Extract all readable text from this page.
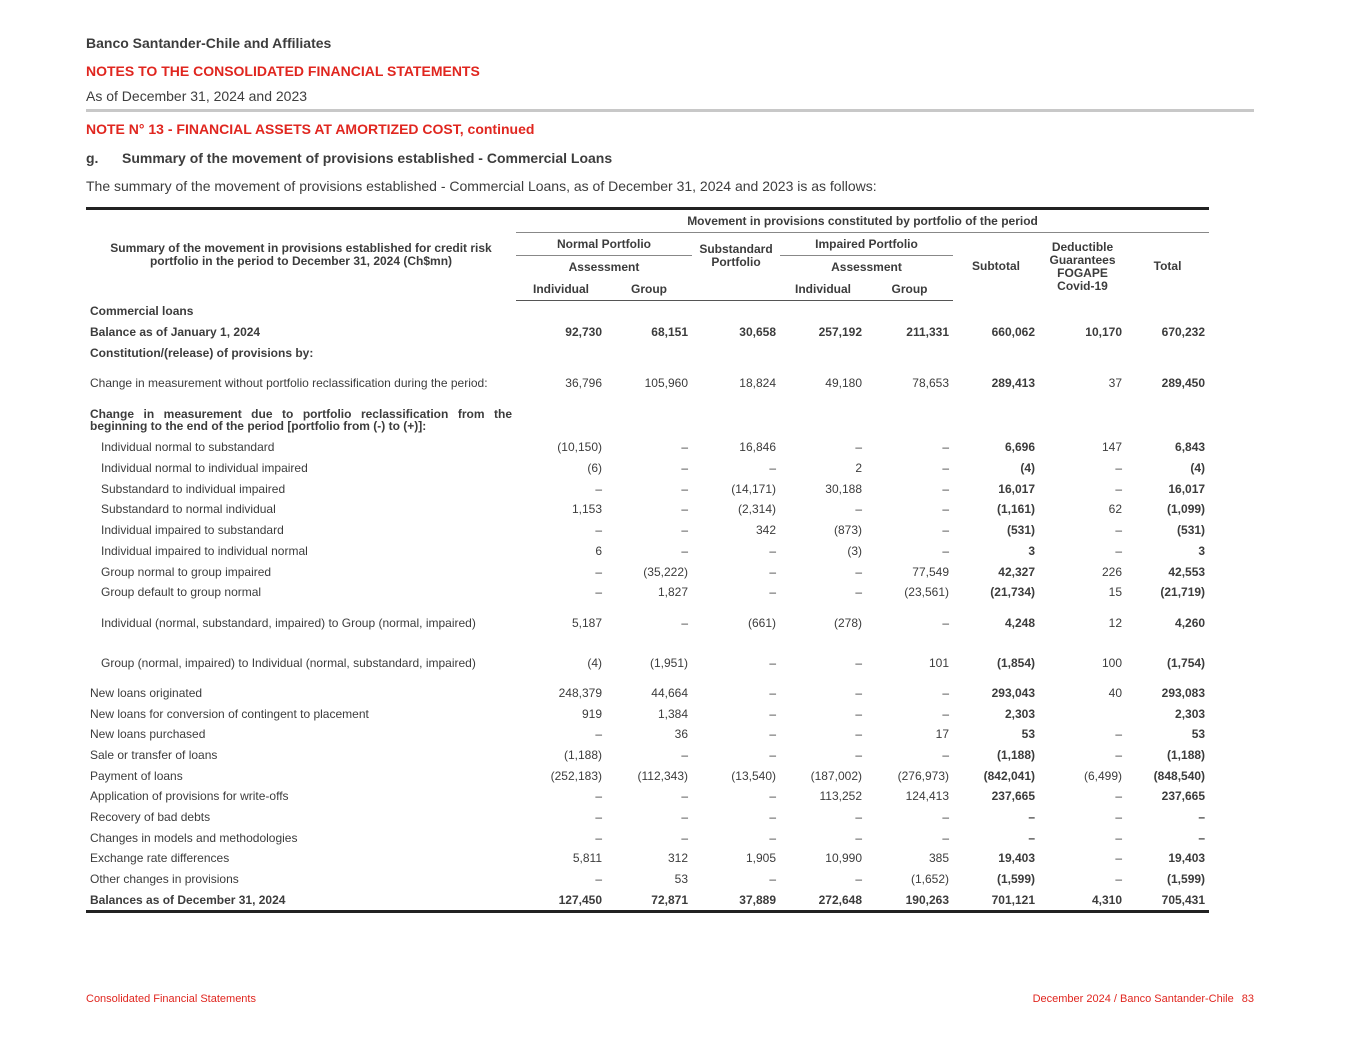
Banco Santander-Chile and Affiliates
NOTES TO THE CONSOLIDATED FINANCIAL STATEMENTS
As of December 31, 2024 and 2023
NOTE N° 13 - FINANCIAL ASSETS AT AMORTIZED COST, continued
g. Summary of the movement of provisions established - Commercial Loans
The summary of the movement of provisions established - Commercial Loans, as of December 31, 2024 and 2023 is as follows:
Summary of the movement in provisions established for credit risk portfolio in the period to December 31, 2024 (Ch$mn)	Movement in provisions constituted by portfolio of the period							
	Normal Portfolio		Substandard Portfolio	Impaired Portfolio		Subtotal	Deductible Guarantees FOGAPE Covid-19	Total
	Assessment			Assessment				
	Individual	Group		Individual	Group			
Commercial loans								
Balance as of January 1, 2024	92,730	68,151	30,658	257,192	211,331	660,062	10,170	670,232
Constitution/(release) of provisions by:								
Change in measurement without portfolio reclassification during the period:	36,796	105,960	18,824	49,180	78,653	289,413	37	289,450
Change in measurement due to portfolio reclassification from the beginning to the end of the period [portfolio from (-) to (+)]:								
Individual normal to substandard	(10,150)	–	16,846	–	–	6,696	147	6,843
Individual normal to individual impaired	(6)	–	–	2	–	(4)	–	(4)
Substandard to individual impaired	–	–	(14,171)	30,188	–	16,017	–	16,017
Substandard to normal individual	1,153	–	(2,314)	–	–	(1,161)	62	(1,099)
Individual impaired to substandard	–	–	342	(873)	–	(531)	–	(531)
Individual impaired to individual normal	6	–	–	(3)	–	3	–	3
Group normal to group impaired	–	(35,222)	–	–	77,549	42,327	226	42,553
Group default to group normal	–	1,827	–	–	(23,561)	(21,734)	15	(21,719)
Individual (normal, substandard, impaired) to Group (normal, impaired)	5,187	–	(661)	(278)	–	4,248	12	4,260
Group (normal, impaired) to Individual (normal, substandard, impaired)	(4)	(1,951)	–	–	101	(1,854)	100	(1,754)
New loans originated	248,379	44,664	–	–	–	293,043	40	293,083
New loans for conversion of contingent to placement	919	1,384	–	–	–	2,303		2,303
New loans purchased	–	36	–	–	17	53	–	53
Sale or transfer of loans	(1,188)	–	–	–	–	(1,188)	–	(1,188)
Payment of loans	(252,183)	(112,343)	(13,540)	(187,002)	(276,973)	(842,041)	(6,499)	(848,540)
Application of provisions for write-offs	–	–	–	113,252	124,413	237,665	–	237,665
Recovery of bad debts	–	–	–	–	–	–	–	–
Changes in models and methodologies	–	–	–	–	–	–	–	–
Exchange rate differences	5,811	312	1,905	10,990	385	19,403	–	19,403
Other changes in provisions	–	53	–	–	(1,652)	(1,599)	–	(1,599)
Balances as of December 31, 2024	127,450	72,871	37,889	272,648	190,263	701,121	4,310	705,431
Consolidated Financial Statements	December 2024 / Banco Santander-Chile 83
